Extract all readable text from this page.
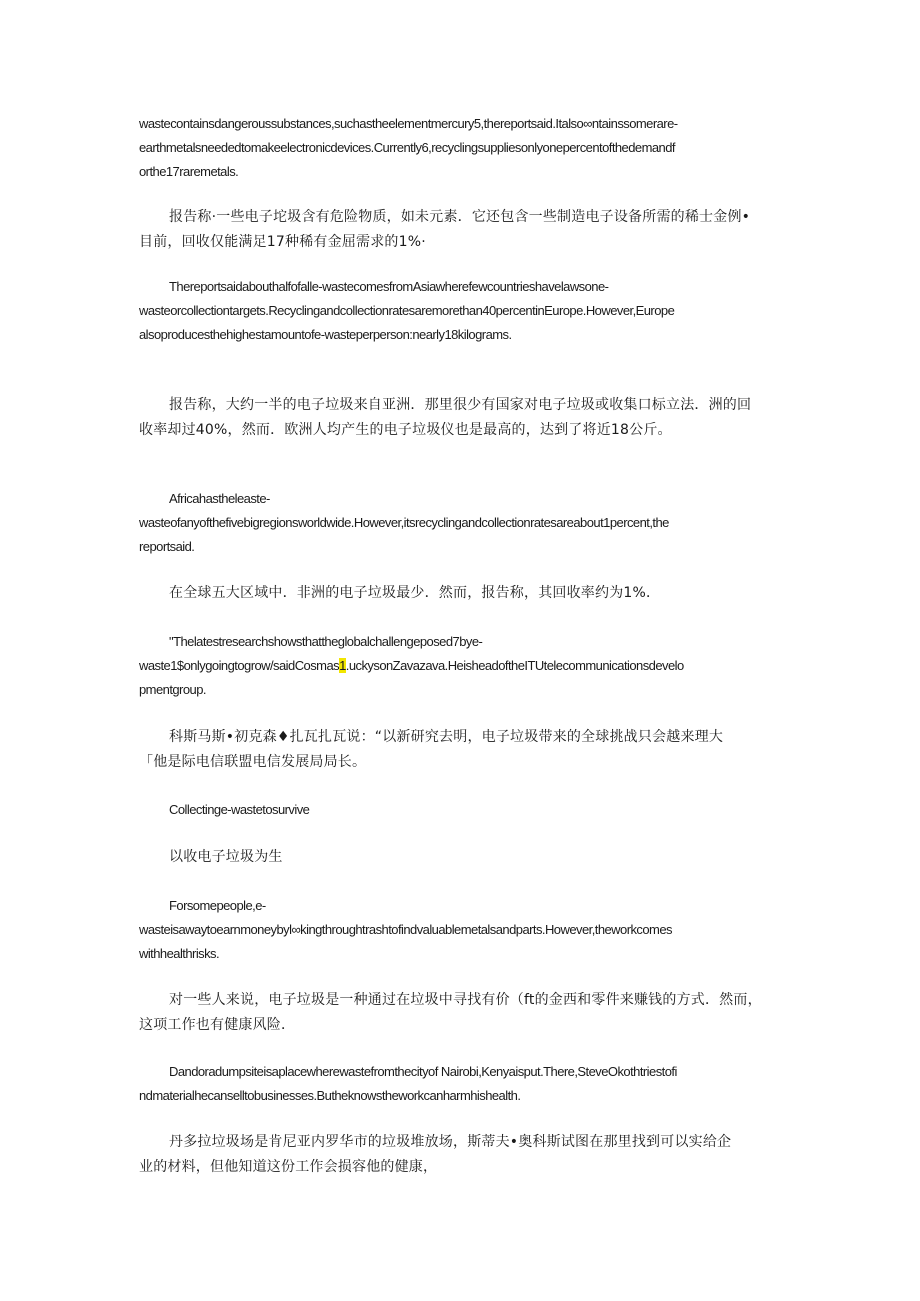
wastecontainsdangeroussubstances,suchastheelementmercury5,thereportsaid.Italso∞ntainssomerare-
earthmetalsneededtomakeelectronicdevices.Currently6,recyclingsuppliesonlyonepercentofthedemandf
orthe17raremetals.
报告称·一些电子坨圾含有危险物质，如未元素．它还包含一些制造电子设备所需的稀士金例•
目前，回收仅能满足17种稀有金屈需求的1%·
Thereportsaidabouthalfofalle-wastecomesfromAsiawherefewcountrieshavelawsone-
wasteorcollectiontargets.Recyclingandcollectionratesaremorethan40percentinEurope.However,Europe
alsoproducesthehighestamountofe-wasteperperson:nearly18kilograms.
报告称，大约一半的电子垃圾来自亚洲．那里很少有国家对电子垃圾或收集口标立法．洲的回
收率却过40%，然而．欧洲人均产生的电子垃圾仪也是最高的，达到了将近18公斤。
Africahastheleaste-
wasteofanyofthefivebigregionsworldwide.However,itsrecyclingandcollectionratesareabout1percent,the
reportsaid.
在全球五大区域中．非洲的电子垃圾最少．然而，报告称，其回收率约为1%．
"Thelatestresearchshowsthattheglobalchallengeposed7bye-
waste1$onlygoingtogrow/saidCosmas1.uckysonZavazava.HeisheadoftheITUtelecommunicationsdevelo
pmentgroup.
科斯马斯•初克森♦扎瓦扎瓦说：“以新研究去明，电子垃圾带来的全球挑战只会越来理大
「他是际电信联盟电信发展局局长。
Collectinge-wastetosurvive
以收电子垃圾为生
Forsomepeople,e-
wasteisawaytoearnmoneybyl∞kingthroughtrashtofindvaluablemetalsandparts.However,theworkcomes
withhealthrisks.
对一些人来说，电子垃圾是一种通过在垃圾中寻找有价（ft的金西和零件来赚钱的方式．然而，
这项工作也有健康风险．
Dandoradumpsiteisaplacewherewastefromthecityof Nairobi,Kenyaisput.There,SteveOkothtriestofi
ndmaterialhecanselltobusinesses.Butheknowstheworkcanharmhishealth.
丹多拉垃圾场是肯尼亚内罗华市的垃圾堆放场，斯蒂夫•奥科斯试图在那里找到可以实给企
业的材料，但他知道这份工作会损容他的健康，
